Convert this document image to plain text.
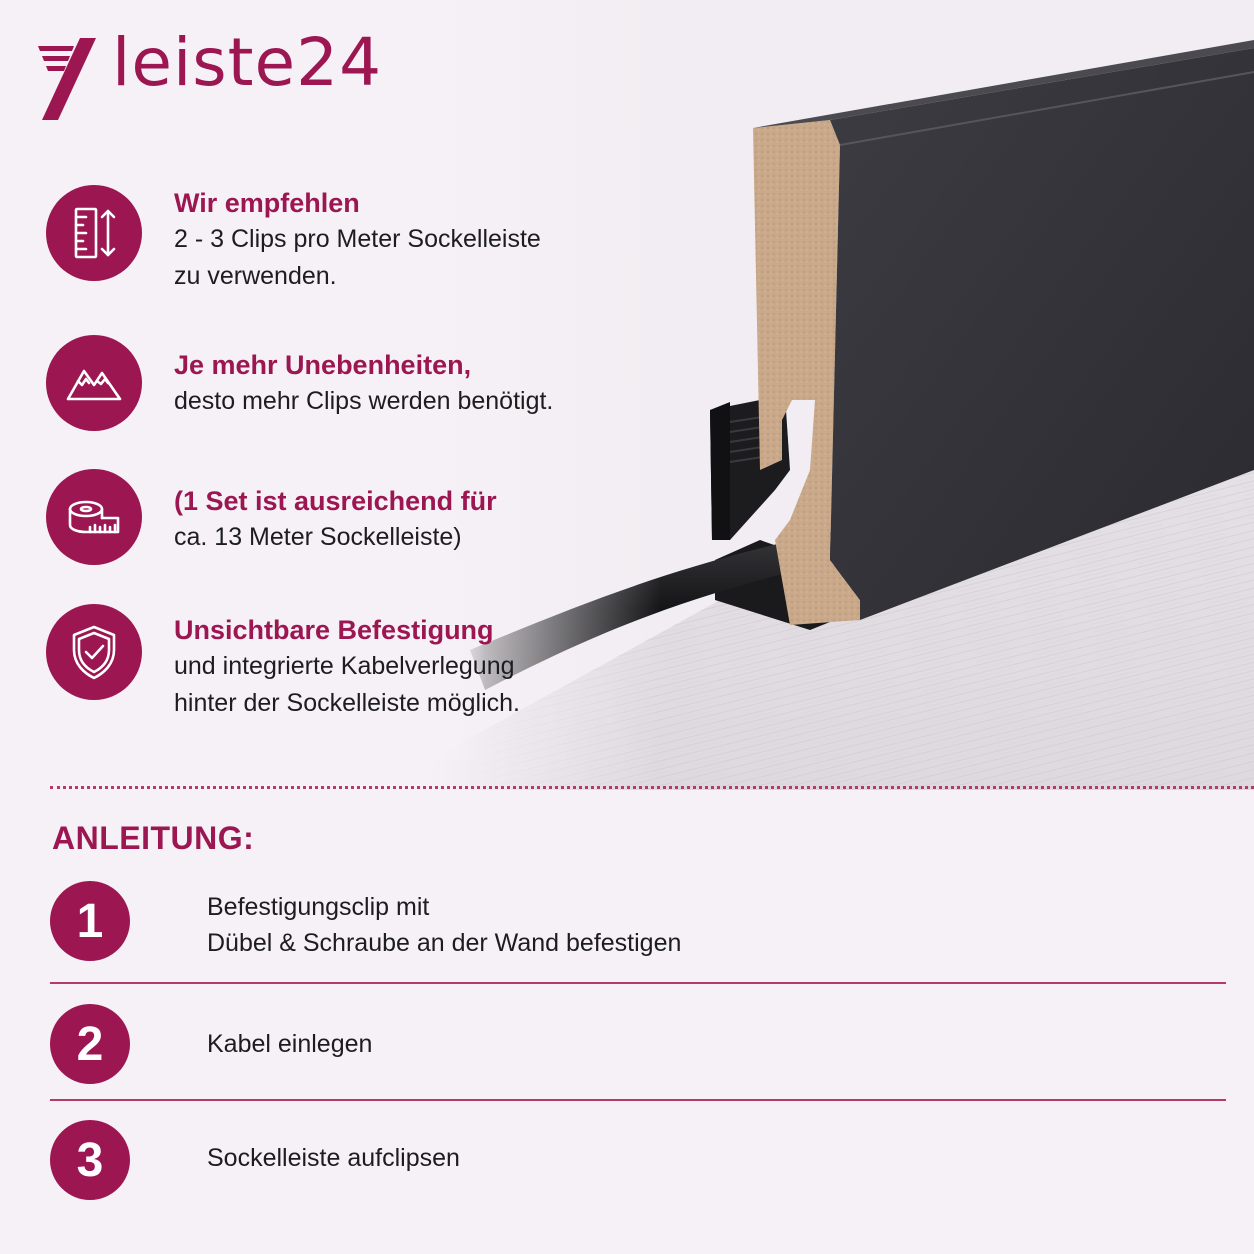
leiste24
Wir empfehlen
2 - 3 Clips pro Meter Sockelleiste
zu verwenden.
Je mehr Unebenheiten,
desto mehr Clips werden benötigt.
(1 Set ist ausreichend für
ca. 13 Meter Sockelleiste)
Unsichtbare Befestigung
und integrierte Kabelverlegung
hinter der Sockelleiste möglich.
ANLEITUNG:
1	Befestigungsclip mit
Dübel & Schraube an der Wand befestigen
2	Kabel einlegen
3	Sockelleiste aufclipsen
